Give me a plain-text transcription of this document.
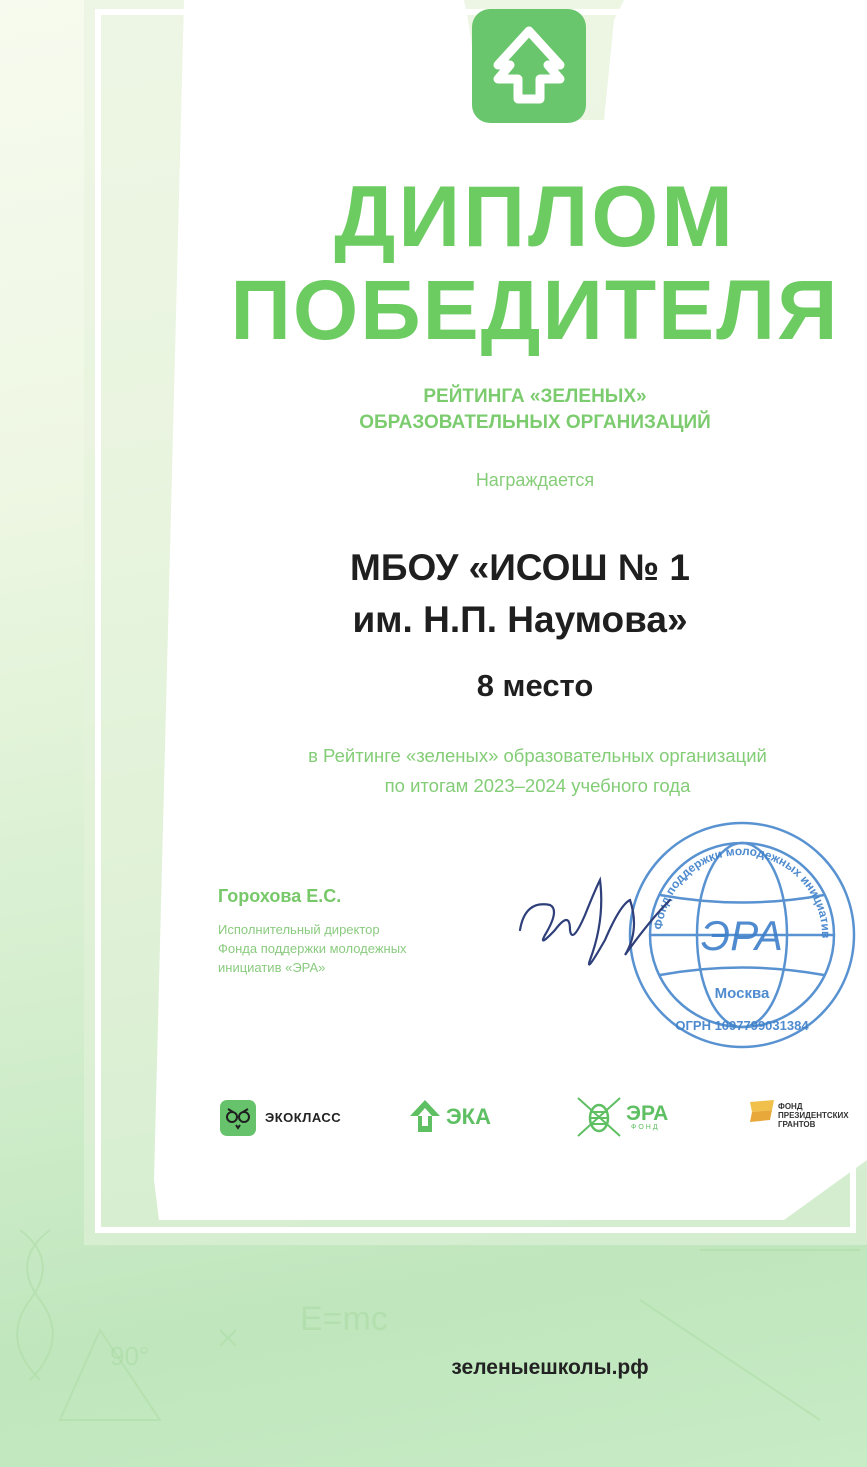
E=mc
90°
ДИПЛОМ
ПОБЕДИТЕЛЯ
РЕЙТИНГА «ЗЕЛЕНЫХ»
ОБРАЗОВАТЕЛЬНЫХ ОРГАНИЗАЦИЙ
Награждается
МБОУ «ИСОШ № 1
им. Н.П. Наумова»
8 место
в Рейтинге «зеленых» образовательных организаций
по итогам 2023–2024 учебного года
Горохова Е.С.
Исполнительный директор
Фонда поддержки молодежных
инициатив «ЭРА»
Фонд поддержки молодежных инициатив
ЭРА
Москва
ОГРН 1097799031384
ЭКОКЛАСС	ЭКА	ЭРА
ФОНД
ФОНД ПРЕЗИДЕНТСКИХ ГРАНТОВ
зеленыешколы.рф
